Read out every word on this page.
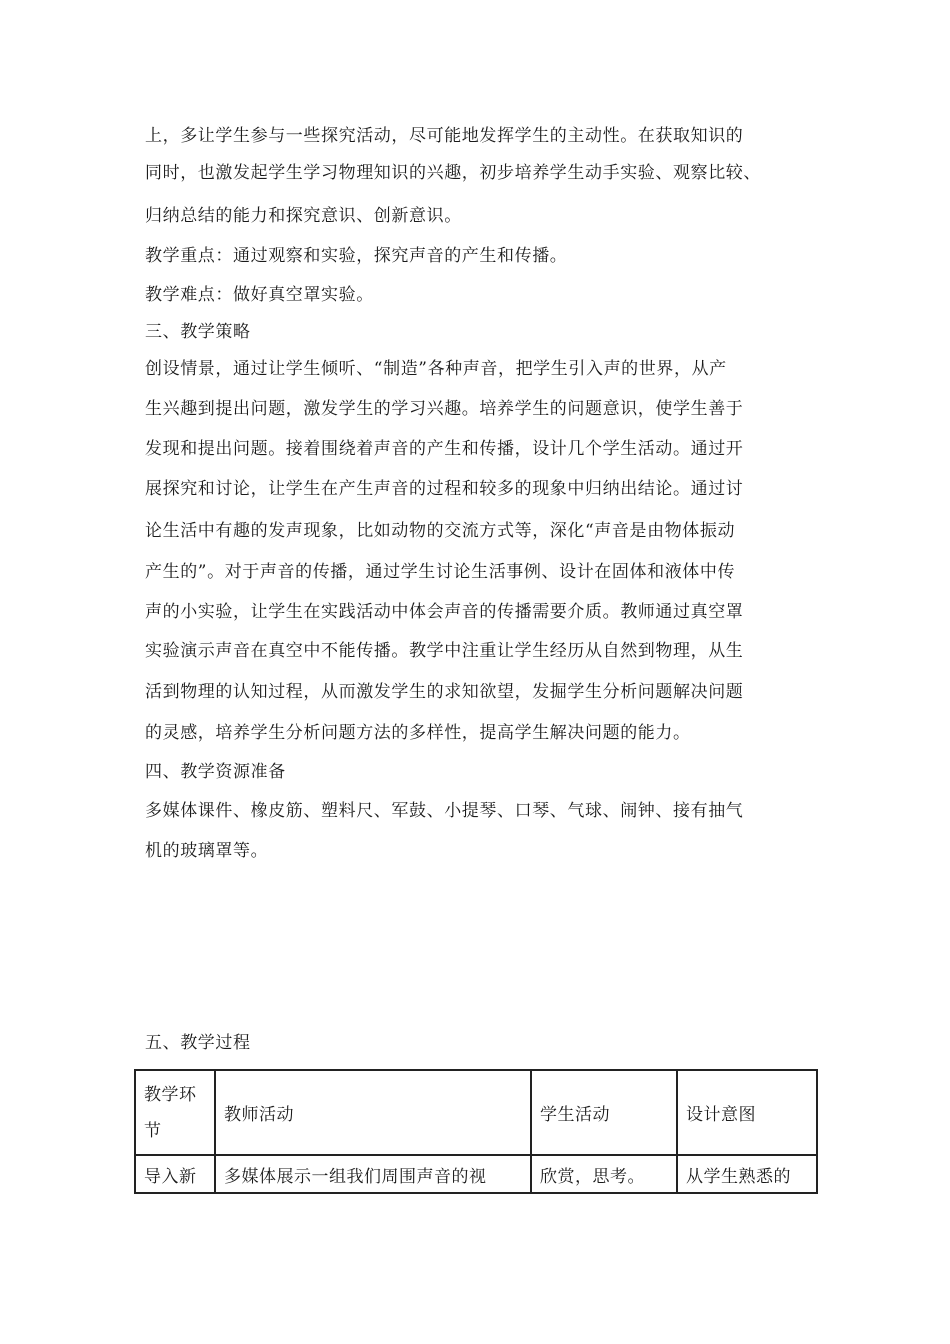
上，多让学生参与一些探究活动，尽可能地发挥学生的主动性。在获取知识的
同时，也激发起学生学习物理知识的兴趣，初步培养学生动手实验、观察比较、
归纳总结的能力和探究意识、创新意识。
教学重点：通过观察和实验，探究声音的产生和传播。
教学难点：做好真空罩实验。
三、教学策略
创设情景，通过让学生倾听、“制造”各种声音，把学生引入声的世界，从产
生兴趣到提出问题，激发学生的学习兴趣。培养学生的问题意识，使学生善于
发现和提出问题。接着围绕着声音的产生和传播，设计几个学生活动。通过开
展探究和讨论，让学生在产生声音的过程和较多的现象中归纳出结论。通过讨
论生活中有趣的发声现象，比如动物的交流方式等，深化“声音是由物体振动
产生的”。对于声音的传播，通过学生讨论生活事例、设计在固体和液体中传
声的小实验，让学生在实践活动中体会声音的传播需要介质。教师通过真空罩
实验演示声音在真空中不能传播。教学中注重让学生经历从自然到物理，从生
活到物理的认知过程，从而激发学生的求知欲望，发掘学生分析问题解决问题
的灵感，培养学生分析问题方法的多样性，提高学生解决问题的能力。
四、教学资源准备
多媒体课件、橡皮筋、塑料尺、军鼓、小提琴、口琴、气球、闹钟、接有抽气
机的玻璃罩等。
五、教学过程
教学环
节	教师活动	学生活动	设计意图
导入新	多媒体展示一组我们周围声音的视	欣赏，思考。	从学生熟悉的
